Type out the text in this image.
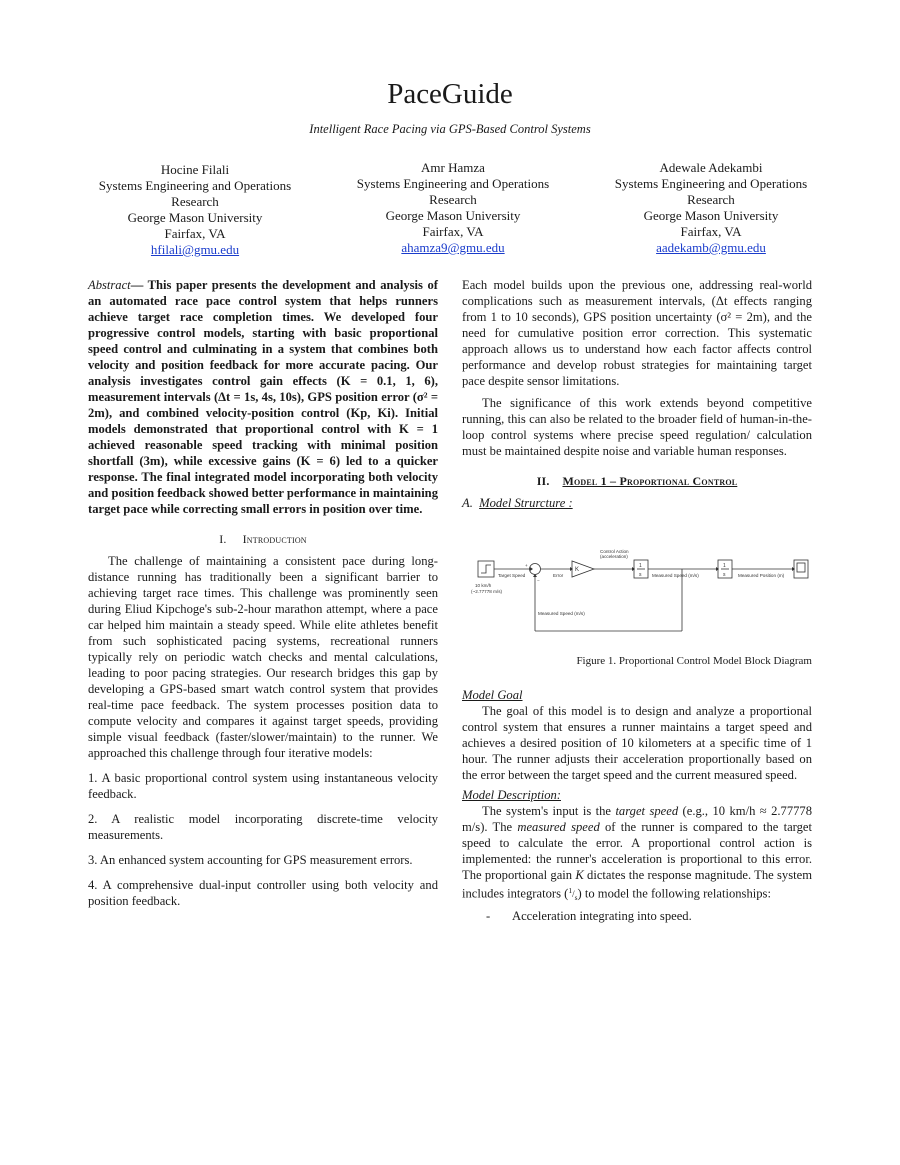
PaceGuide
Intelligent Race Pacing via GPS-Based Control Systems
Hocine Filali
Systems Engineering and Operations
Research
George Mason University
Fairfax, VA
hfilali@gmu.edu
Amr Hamza
Systems Engineering and Operations
Research
George Mason University
Fairfax, VA
ahamza9@gmu.edu
Adewale Adekambi
Systems Engineering and Operations
Research
George Mason University
Fairfax, VA
aadekamb@gmu.edu

Abstract— This paper presents the development and analysis of an automated race pace control system that helps runners achieve target race completion times. We developed four progressive control models, starting with basic proportional speed control and culminating in a system that combines both velocity and position feedback for more accurate pacing. Our analysis investigates control gain effects (K = 0.1, 1, 6), measurement intervals (Δt = 1s, 4s, 10s), GPS position error (σ² = 2m), and combined velocity-position control (Kp, Ki). Initial models demonstrated that proportional control with K = 1 achieved reasonable speed tracking with minimal position shortfall (3m), while excessive gains (K = 6) led to a quicker response. The final integrated model incorporating both velocity and position feedback showed better performance in maintaining target pace while correcting small errors in position over time.

I. Introduction

The challenge of maintaining a consistent pace during long-distance running has traditionally been a significant barrier to achieving target race times. This challenge was prominently seen during Eliud Kipchoge's sub-2-hour marathon attempt, where a pace car helped him maintain a steady speed. While elite athletes benefit from such sophisticated pacing systems, recreational runners typically rely on periodic watch checks and mental calculations, leading to poor pacing strategies. Our research bridges this gap by developing a GPS-based smart watch control system that provides real-time pace feedback. The system processes position data to compute velocity and compares it against target speeds, providing simple visual feedback (faster/slower/maintain) to the runner. We approached this challenge through four iterative models:

1. A basic proportional control system using instantaneous velocity feedback.

2. A realistic model incorporating discrete-time velocity measurements.

3. An enhanced system accounting for GPS measurement errors.

4. A comprehensive dual-input controller using both velocity and position feedback.

Each model builds upon the previous one, addressing real-world complications such as measurement intervals, (Δt effects ranging from 1 to 10 seconds), GPS position uncertainty (σ² = 2m), and the need for cumulative position error correction. This systematic approach allows us to understand how each factor affects control performance and develop robust strategies for maintaining target pace despite sensor limitations.

The significance of this work extends beyond competitive running, this can also be related to the broader field of human-in-the-loop control systems where precise speed regulation/ calculation must be maintained despite noise and variable human responses.

II. Model 1 – Proportional Control
A. Model Strurcture :
Target Speed
10 km/h
(~2.77778 m/s)
Error
K
Control Action
(acceleration)
1
s
1
s
Measured Speed (m/s)	Measured Position (m)
Measured Speed (m/s)
+
−
Figure 1. Proportional Control Model Block Diagram
Model Goal

The goal of this model is to design and analyze a proportional control system that ensures a runner maintains a target speed and achieves a desired position of 10 kilometers at a specific time of 1 hour. The runner adjusts their acceleration proportionally based on the error between the target speed and the current measured speed.

Model Description:

The system's input is the target speed (e.g., 10 km/h ≈ 2.77778 m/s). The measured speed of the runner is compared to the target speed to calculate the error. A proportional control action is implemented: the runner's acceleration is proportional to this error. The proportional gain K dictates the response magnitude. The system includes integrators $(^1/_s)$ to model the following relationships:

- Acceleration integrating into speed.
